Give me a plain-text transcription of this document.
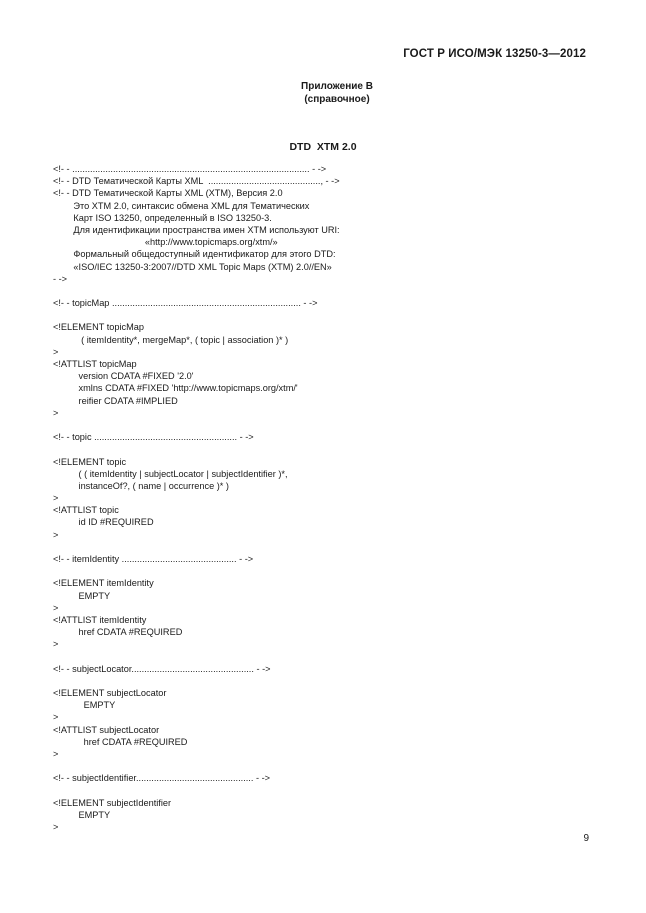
ГОСТ Р ИСО/МЭК 13250-3—2012
Приложение В
(справочное)
DTD  XTM 2.0
<!- - ............................................................................................. - ->
<!- - DTD Тематической Карты XML  ............................................, - ->
<!- - DTD Тематической Карты XML (XTM), Версия 2.0
Это XTM 2.0, синтаксис обмена XML для Тематических
Карт ISO 13250, определенный в ISO 13250-3.
Для идентификации пространства имен XTM используют URI:
«http://www.topicmaps.org/xtm/»
Формальный общедоступный идентификатор для этого DTD:
«ISO/IEC 13250-3:2007//DTD XML Topic Maps (XTM) 2.0//EN»
- ->

<!- - topicMap .......................................................................... - ->

<!ELEMENT topicMap
( itemIdentity*, mergeMap*, ( topic | association )* )
>
<!ATTLIST topicMap
version CDATA #FIXED '2.0'
xmlns CDATA #FIXED 'http://www.topicmaps.org/xtm/'
reifier CDATA #IMPLIED
>

<!- - topic ........................................................ - ->

<!ELEMENT topic
( ( itemIdentity | subjectLocator | subjectIdentifier )*,
instanceOf?, ( name | occurrence )* )
>
<!ATTLIST topic
id ID #REQUIRED
>

<!- - itemIdentity ............................................. - ->

<!ELEMENT itemIdentity
EMPTY
>
<!ATTLIST itemIdentity
href CDATA #REQUIRED
>

<!- - subjectLocator................................................ - ->

<!ELEMENT subjectLocator
EMPTY
>
<!ATTLIST subjectLocator
href CDATA #REQUIRED
>

<!- - subjectIdentifier.............................................. - ->

<!ELEMENT subjectIdentifier
EMPTY
>
9
